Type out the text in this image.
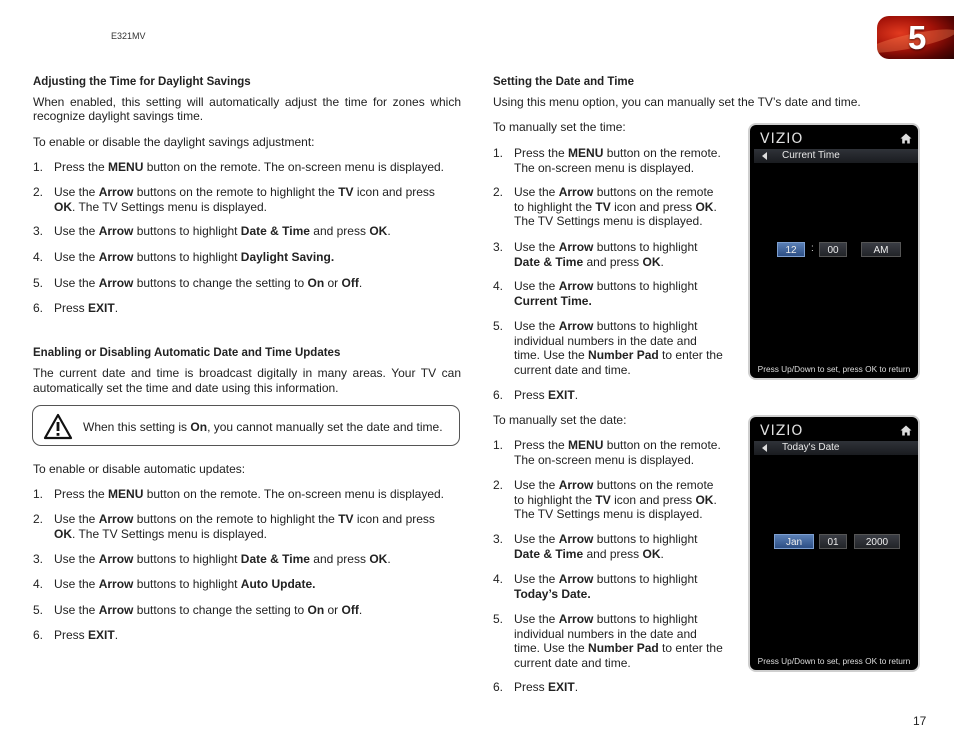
E321MV	5
Adjusting the Time for Daylight Savings
When enabled, this setting will automatically adjust the time for zones which
recognize daylight savings time.
To enable or disable the daylight savings adjustment:
1. Press the MENU button on the remote. The on-screen menu is displayed.
2. Use the Arrow buttons on the remote to highlight the TV icon and press
OK. The TV Settings menu is displayed.
3. Use the Arrow buttons to highlight Date & Time and press OK.
4. Use the Arrow buttons to highlight Daylight Saving.
5. Use the Arrow buttons to change the setting to On or Off.
6. Press EXIT.
Enabling or Disabling Automatic Date and Time Updates
The current date and time is broadcast digitally in many areas. Your TV can
automatically set the time and date using this information.
When this setting is On, you cannot manually set the date and time.
To enable or disable automatic updates:
1. Press the MENU button on the remote. The on-screen menu is displayed.
2. Use the Arrow buttons on the remote to highlight the TV icon and press
OK. The TV Settings menu is displayed.
3. Use the Arrow buttons to highlight Date & Time and press OK.
4. Use the Arrow buttons to highlight Auto Update.
5. Use the Arrow buttons to change the setting to On or Off.
6. Press EXIT.
Setting the Date and Time
Using this menu option, you can manually set the TV’s date and time.
To manually set the time:
1. Press the MENU button on the remote.
The on-screen menu is displayed.
2. Use the Arrow buttons on the remote
to highlight the TV icon and press OK.
The TV Settings menu is displayed.
3. Use the Arrow buttons to highlight
Date & Time and press OK.
4. Use the Arrow buttons to highlight
Current Time.
5. Use the Arrow buttons to highlight
individual numbers in the date and
time. Use the Number Pad to enter the
current date and time.
6. Press EXIT.
To manually set the date:
1. Press the MENU button on the remote.
The on-screen menu is displayed.
2. Use the Arrow buttons on the remote
to highlight the TV icon and press OK.
The TV Settings menu is displayed.
3. Use the Arrow buttons to highlight
Date & Time and press OK.
4. Use the Arrow buttons to highlight
Today’s Date.
5. Use the Arrow buttons to highlight
individual numbers in the date and
time. Use the Number Pad to enter the
current date and time.
6. Press EXIT.
VIZIO
Current Time
12	:	00	AM
Press Up/Down to set, press OK to return
VIZIO
Today's Date
Jan	01	2000
Press Up/Down to set, press OK to return
17
